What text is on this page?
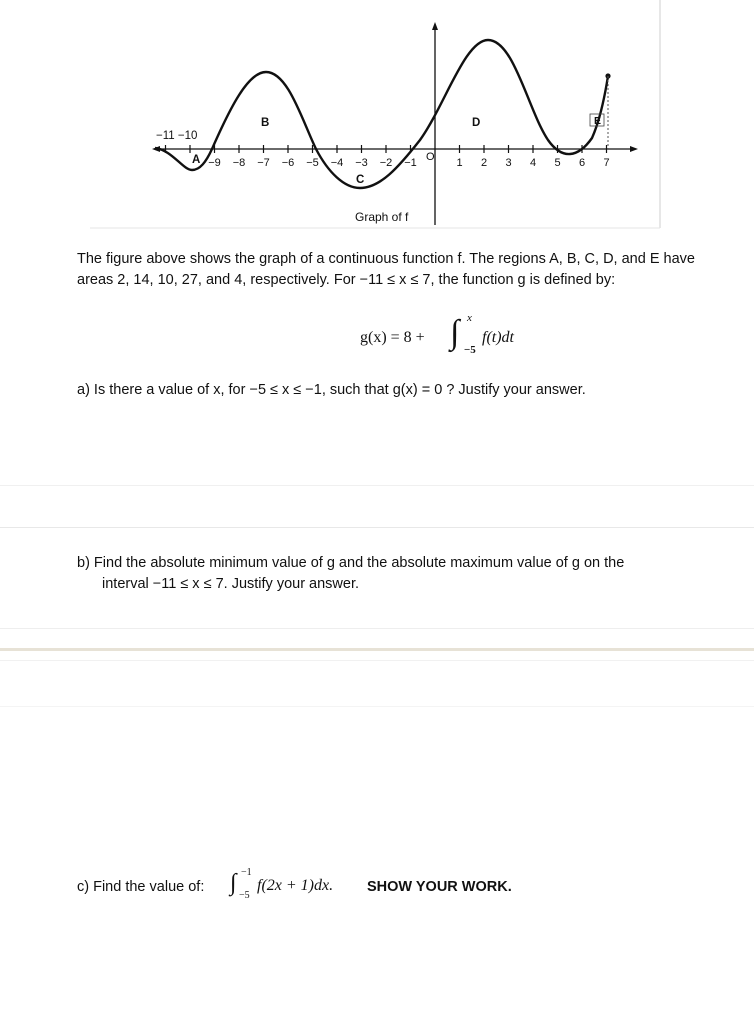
−11 −10
−9 −8 −7 −6 −5 −4 −3 −2 −1	1 2 3 4 5 6 7
O
A
B
C
D	E
Graph of f
The figure above shows the graph of a continuous function f. The regions A, B, C, D, and E have
areas 2, 14, 10, 27, and 4, respectively. For −11 ≤ x ≤ 7, the function g is defined by:
g(x) = 8 + ∫ x
−5
f(t)dt
a) Is there a value of x, for −5 ≤ x ≤ −1, such that g(x) = 0 ? Justify your answer.
b) Find the absolute minimum value of g and the absolute maximum value of g on the
interval −11 ≤ x ≤ 7. Justify your answer.
c) Find the value of: ∫ −1
−5
f(2x + 1)dx. SHOW YOUR WORK.
